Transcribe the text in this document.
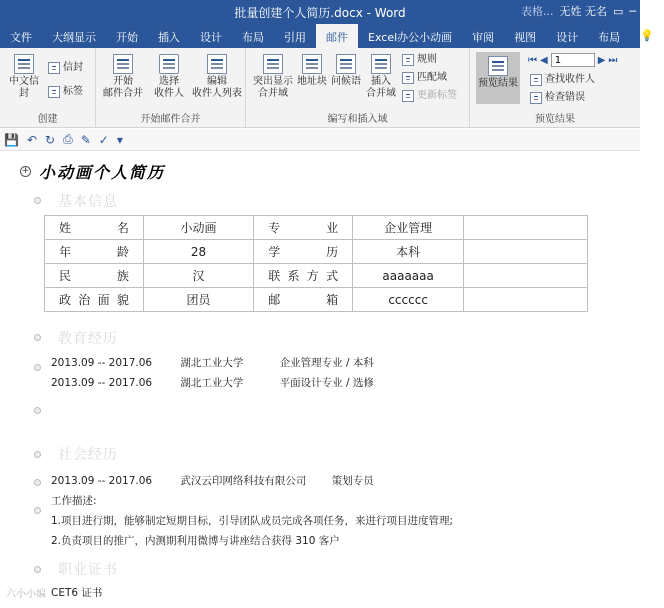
批量创建个人简历.docx - Word	表格... 无姓 无名 ▭ ─
文件	大纲显示	开始	插入	设计	布局	引用	邮件	Excel办公小动画	审阅	视图	设计	布局	💡
中文信封
信封
标签
创建
开始
邮件合并
选择
收件人
编辑
收件人列表
开始邮件合并
突出显示
合并域
地址块 问候语	插入
合并域
规则
匹配域
更新标签
编写和插入域
预览结果
预览结果
⏮ ◀
1	▶ ⏭
查找收件人
检查错误
💾 ↶ ↻ ⎙ ✎ ✓ ▾
+ 小动画个人简历
基本信息
姓名	小动画	专业	企业管理	
年龄	28	学历	本科	
民族	汉	联系方式	aaaaaaa	
政治面貌	团员	邮箱	cccccc	
教育经历
2013.09 -- 2017.06	湖北工业大学	企业管理专业 / 本科
2013.09 -- 2017.06	湖北工业大学	平面设计专业 / 选修
社会经历
2013.09 -- 2017.06	武汉云印网络科技有限公司 策划专员
工作描述:
1.项目进行期，能够制定短期目标，引导团队成员完成各项任务，来进行项目进度管理;
2.负责项目的推广，内测期利用微博与讲座结合获得 310 客户
职业证书
CET6 证书
六小小编
